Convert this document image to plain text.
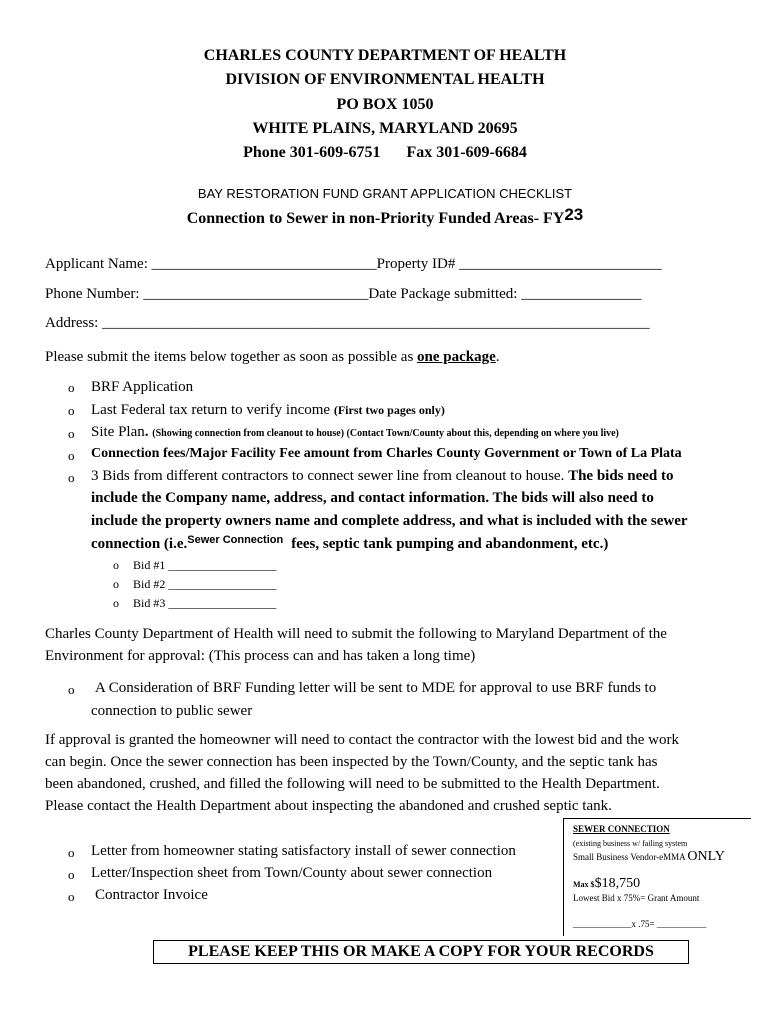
CHARLES COUNTY DEPARTMENT OF HEALTH
DIVISION OF ENVIRONMENTAL HEALTH
PO BOX 1050
WHITE PLAINS, MARYLAND 20695
Phone 301-609-6751 Fax 301-609-6684
BAY RESTORATION FUND GRANT APPLICATION CHECKLIST
Connection to Sewer in non-Priority Funded Areas- FY23
Applicant Name: ______________________________Property ID# ___________________________
Phone Number: ______________________________Date Package submitted: ________________
Address: _________________________________________________________________________
Please submit the items below together as soon as possible as one package.
o BRF Application
o Last Federal tax return to verify income (First two pages only)
o Site Plan. (Showing connection from cleanout to house) (Contact Town/County about this, depending on where you live)
o Connection fees/Major Facility Fee amount from Charles County Government or Town of La Plata
o 3 Bids from different contractors to connect sewer line from cleanout to house. The bids need to
include the Company name, address, and contact information. The bids will also need to
include the property owners name and complete address, and what is included with the sewer
connection (i.e.$^{Sewer Connection}$ fees, septic tank pumping and abandonment, etc.)
o Bid #1 __________________
o Bid #2 __________________
o Bid #3 __________________
Charles County Department of Health will need to submit the following to Maryland Department of the
Environment for approval: (This process can and has taken a long time)
o A Consideration of BRF Funding letter will be sent to MDE for approval to use BRF funds to
connection to public sewer
If approval is granted the homeowner will need to contact the contractor with the lowest bid and the work
can begin. Once the sewer connection has been inspected by the Town/County, and the septic tank has
been abandoned, crushed, and filled the following will need to be submitted to the Health Department.
Please contact the Health Department about inspecting the abandoned and crushed septic tank.
o Letter from homeowner stating satisfactory install of sewer connection
o Letter/Inspection sheet from Town/County about sewer connection
o Contractor Invoice
SEWER CONNECTION
(existing business w/ failing system
Small Business Vendor-eMMA ONLY
Max $$18,750
Lowest Bid x 75%= Grant Amount
_____________x .75= ___________
PLEASE KEEP THIS OR MAKE A COPY FOR YOUR RECORDS
